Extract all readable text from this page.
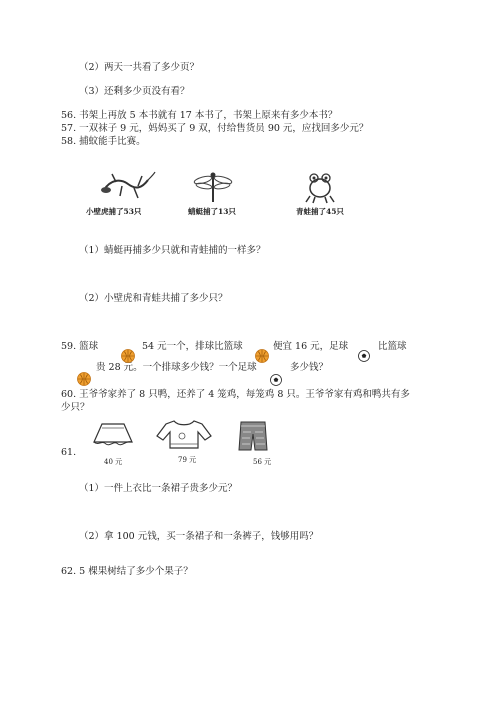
（2）两天一共看了多少页？
（3）还剩多少页没有看？
56. 书架上再放 5 本书就有 17 本书了，书架上原来有多少本书？
57. 一双袜子 9 元，妈妈买了 9 双，付给售货员 90 元，应找回多少元？
58. 捕蚊能手比赛。
小壁虎捕了53只	蜻蜓捕了13只	青蛙捕了45只
（1）蜻蜓再捕多少只就和青蛙捕的一样多？
（2）小壁虎和青蛙共捕了多少只？
59. 篮球	54 元一个，排球比篮球	便宜 16 元，足球	比篮球
贵 28 元。一个排球多少钱？一个足球	多少钱？
60. 王爷爷家养了 8 只鸭，还养了 4 笼鸡，每笼鸡 8 只。王爷爷家有鸡和鸭共有多
少只？
61.
40 元	79 元	56 元
（1）一件上衣比一条裙子贵多少元？
（2）拿 100 元钱，买一条裙子和一条裤子，钱够用吗？
62. 5 棵果树结了多少个果子？
